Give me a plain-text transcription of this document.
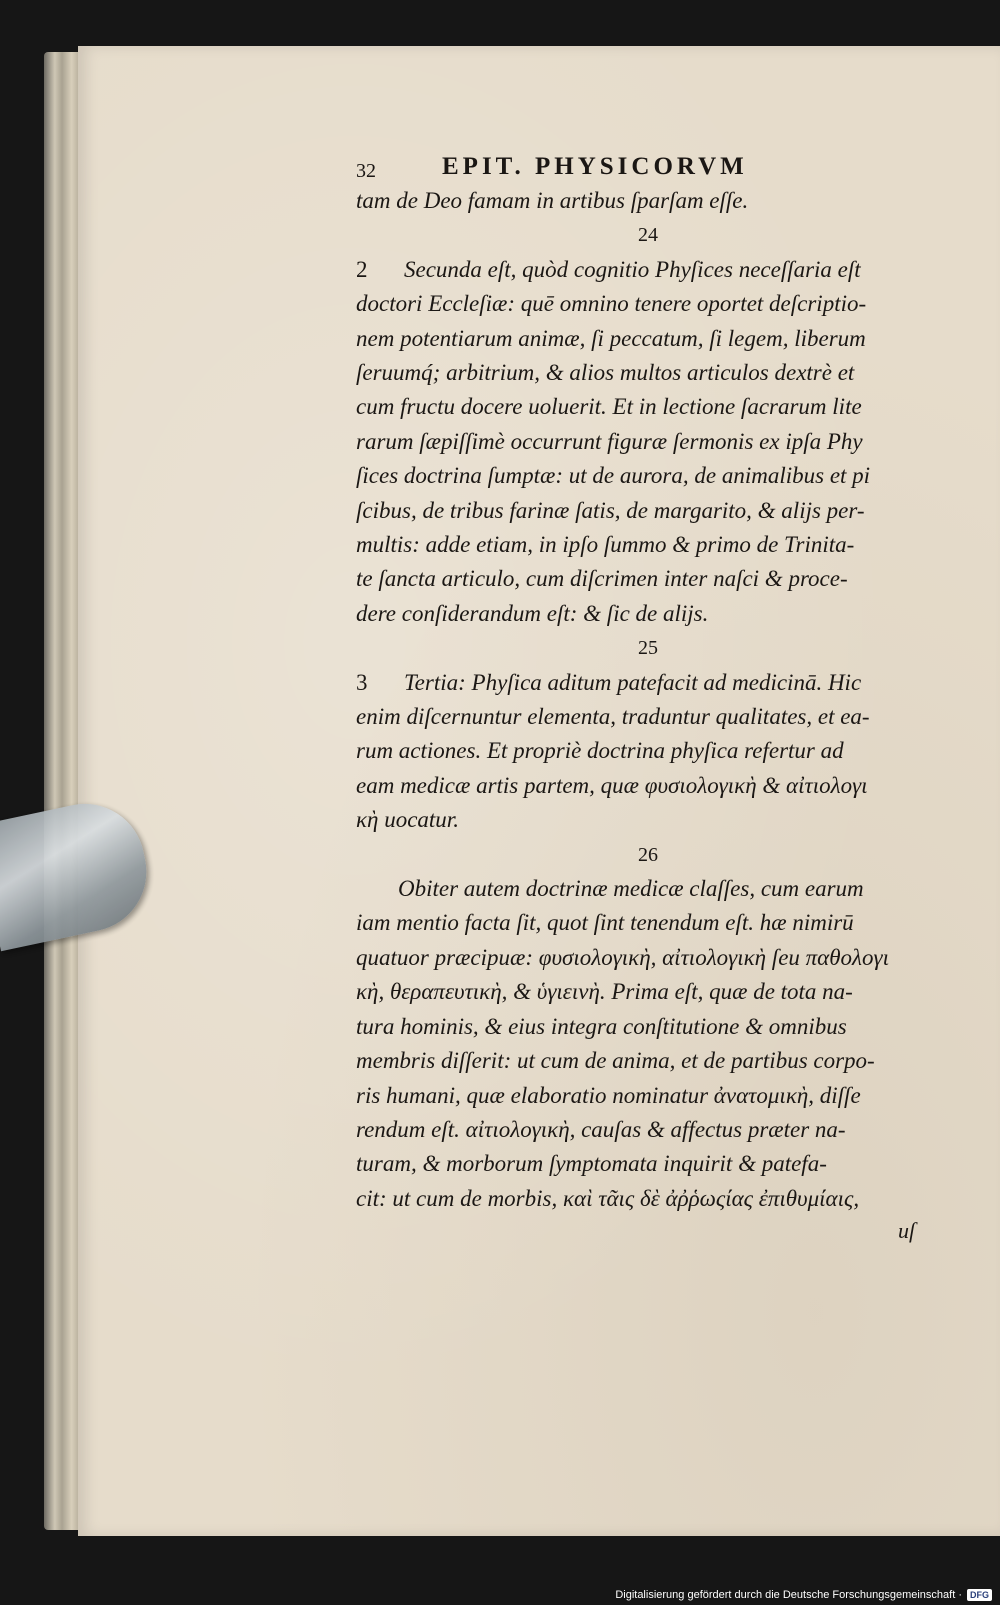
32	EPIT. PHYSICORVM
tam de Deo famam in artibus ſparſam eſſe.
24
2 Secunda eſt, quòd cognitio Phyſices neceſſaria eſt
doctori Eccleſiæ: quē omnino tenere oportet deſcriptio-
nem potentiarum animæ, ſi peccatum, ſi legem, liberum
ſeruumq́; arbitrium, & alios multos articulos dextrè et
cum fructu docere uoluerit. Et in lectione ſacrarum lite
rarum ſæpiſſimè occurrunt figuræ ſermonis ex ipſa Phy
ſices doctrina ſumptæ: ut de aurora, de animalibus et pi
ſcibus, de tribus farinæ ſatis, de margarito, & alijs per-
multis: adde etiam, in ipſo ſummo & primo de Trinita-
te ſancta articulo, cum diſcrimen inter naſci & proce-
dere conſiderandum eſt: & ſic de alijs.
25
3 Tertia: Phyſica aditum patefacit ad medicinā. Hic
enim diſcernuntur elementa, traduntur qualitates, et ea-
rum actiones. Et propriè doctrina phyſica refertur ad
eam medicæ artis partem, quæ φυσιολογικὴ & αἰτιολογι
κὴ uocatur.
26
Obiter autem doctrinæ medicæ claſſes, cum earum
iam mentio facta ſit, quot ſint tenendum eſt. hæ nimirū
quatuor præcipuæ: φυσιολογικὴ, αἰτιολογικὴ ſeu παθολογι
κὴ, θεραπευτικὴ, & ὑγιεινὴ. Prima eſt, quæ de tota na-
tura hominis, & eius integra conſtitutione & omnibus
membris diſſerit: ut cum de anima, et de partibus corpo-
ris humani, quæ elaboratio nominatur ἀνατομικὴ, diſſe
rendum eſt. αἰτιολογικὴ, cauſas & affectus præter na-
turam, & morborum ſymptomata inquirit & patefa-
cit: ut cum de morbis, καὶ τᾶις δὲ ἀῤῥωςίας ἐπιθυμίαις,
uſ
Digitalisierung gefördert durch die Deutsche Forschungsgemeinschaft · DFG
